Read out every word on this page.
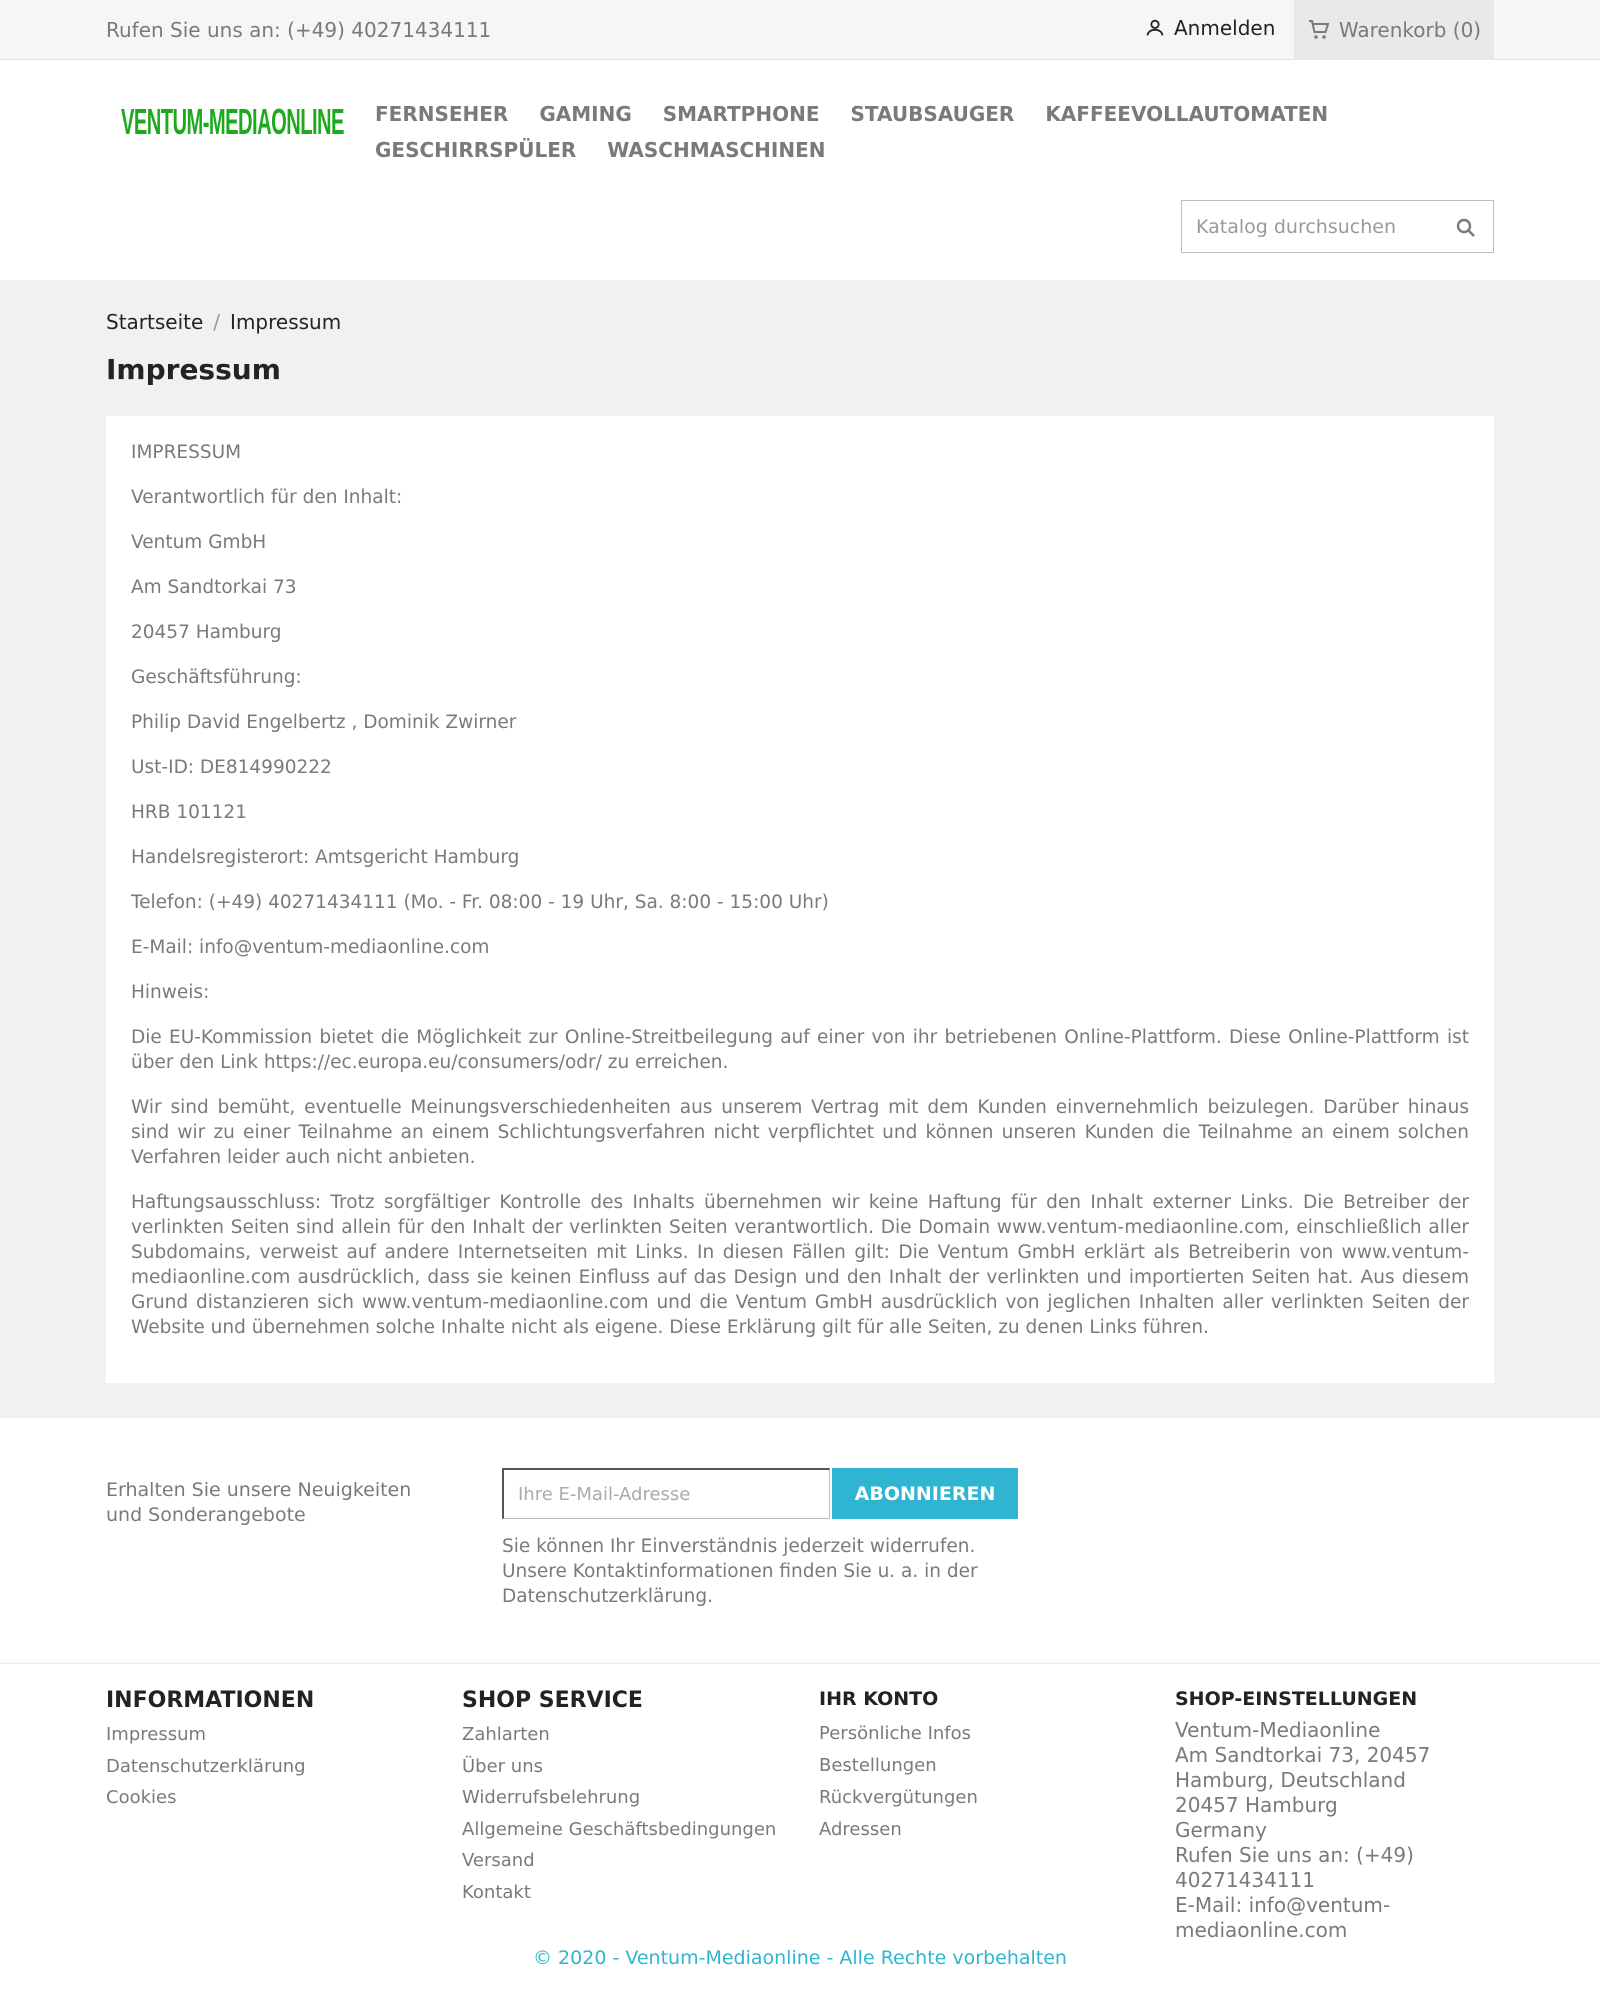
Rufen Sie uns an: (+49) 40271434111	Anmelden	Warenkorb (0)
VENTUM-MEDIAONLINE FERNSEHER GAMING SMARTPHONE STAUBSAUGER KAFFEEVOLLAUTOMATEN
GESCHIRRSPÜLER WASCHMASCHINEN
Katalog durchsuchen
Startseite / Impressum
Impressum

IMPRESSUM

Verantwortlich für den Inhalt:

Ventum GmbH

Am Sandtorkai 73

20457 Hamburg

Geschäftsführung:

Philip David Engelbertz , Dominik Zwirner

Ust-ID: DE814990222

HRB 101121

Handelsregisterort: Amtsgericht Hamburg

Telefon: (+49) 40271434111 (Mo. - Fr. 08:00 - 19 Uhr, Sa. 8:00 - 15:00 Uhr)

E-Mail: info@ventum-mediaonline.com

Hinweis:

Die EU-Kommission bietet die Möglichkeit zur Online-Streitbeilegung auf einer von ihr betriebenen Online-Plattform. Diese Online-Plattform ist über den Link https://ec.europa.eu/consumers/odr/ zu erreichen.

Wir sind bemüht, eventuelle Meinungsverschiedenheiten aus unserem Vertrag mit dem Kunden einvernehmlich beizulegen. Darüber hinaus sind wir zu einer Teilnahme an einem Schlichtungsverfahren nicht verpflichtet und können unseren Kunden die Teilnahme an einem solchen Verfahren leider auch nicht anbieten.

Haftungsausschluss: Trotz sorgfältiger Kontrolle des Inhalts übernehmen wir keine Haftung für den Inhalt externer Links. Die Betreiber der verlinkten Seiten sind allein für den Inhalt der verlinkten Seiten verantwortlich. Die Domain www.ventum-mediaonline.com, einschließlich aller Subdomains, verweist auf andere Internetseiten mit Links. In diesen Fällen gilt: Die Ventum GmbH erklärt als Betreiberin von www.ventum-mediaonline.com ausdrücklich, dass sie keinen Einfluss auf das Design und den Inhalt der verlinkten und importierten Seiten hat. Aus diesem Grund distanzieren sich www.ventum-mediaonline.com und die Ventum GmbH ausdrücklich von jeglichen Inhalten aller verlinkten Seiten der Website und übernehmen solche Inhalte nicht als eigene. Diese Erklärung gilt für alle Seiten, zu denen Links führen.

Erhalten Sie unsere Neuigkeiten und Sonderangebote
Ihre E-Mail-Adresse
ABONNIEREN
Sie können Ihr Einverständnis jederzeit widerrufen. Unsere Kontaktinformationen finden Sie u. a. in der Datenschutzerklärung.
INFORMATIONEN
Impressum
Datenschutzerklärung
Cookies
SHOP SERVICE
Zahlarten
Über uns
Widerrufsbelehrung
Allgemeine Geschäftsbedingungen
Versand
Kontakt
IHR KONTO
Persönliche Infos
Bestellungen
Rückvergütungen
Adressen
SHOP-EINSTELLUNGEN
Ventum-Mediaonline
Am Sandtorkai 73, 20457
Hamburg, Deutschland
20457 Hamburg
Germany
Rufen Sie uns an: (+49)
40271434111
E-Mail: info@ventum-
mediaonline.com
© 2020 - Ventum-Mediaonline - Alle Rechte vorbehalten
